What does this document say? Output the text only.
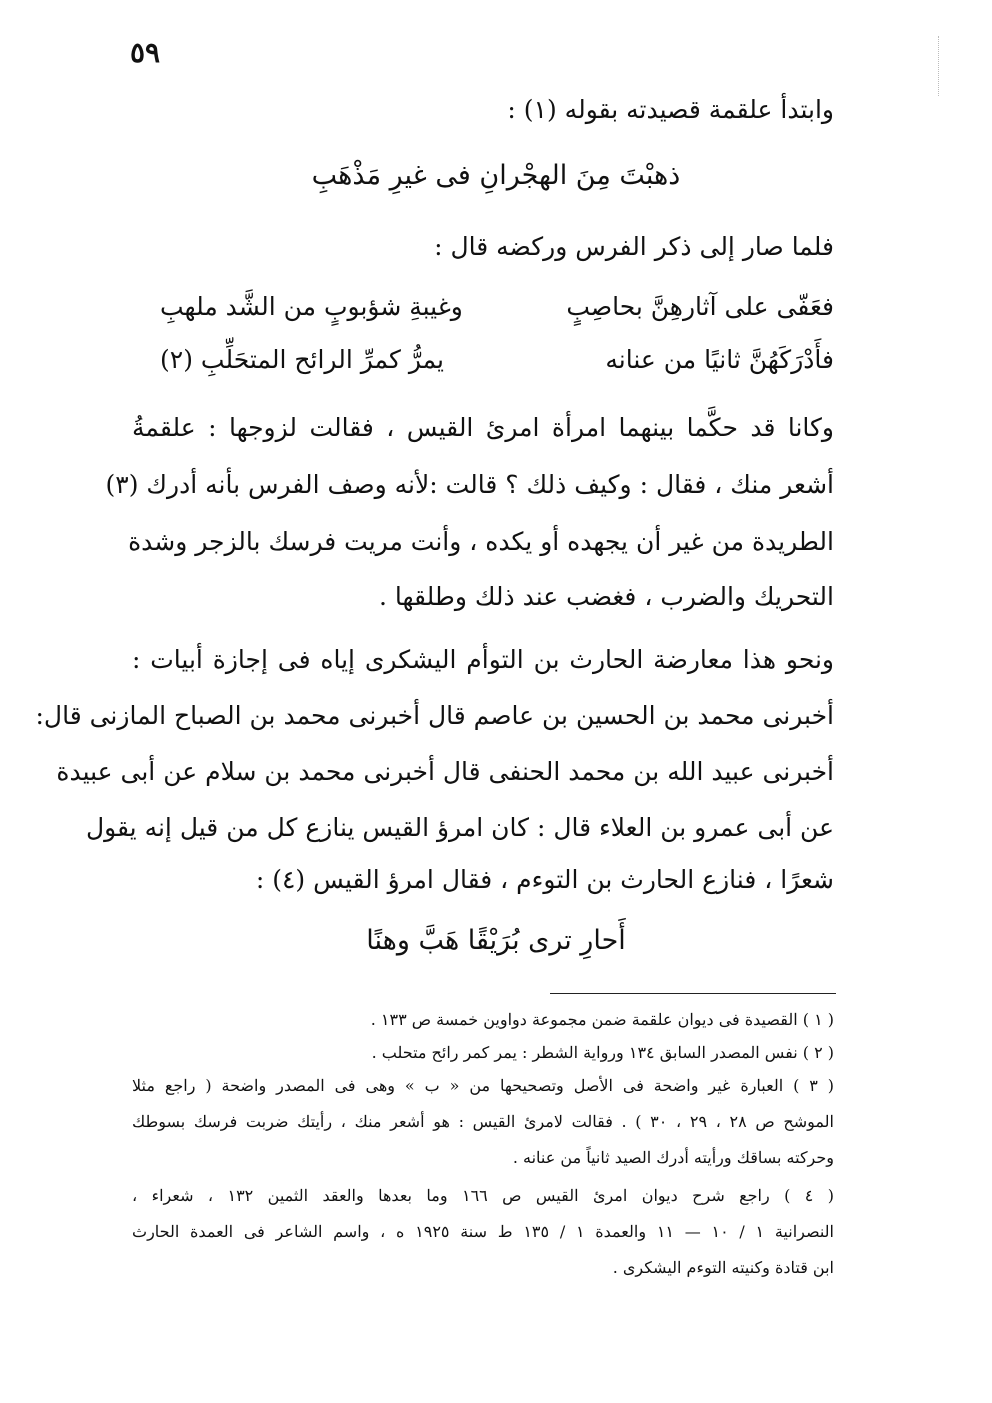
٥٩
وابتدأ علقمة قصيدته بقوله (١) :
ذهبْتَ مِنَ الهجْرانِ فى غيرِ مَذْهَبِ
فلما صار إلى ذكر الفرس وركضه قال :
فعَفّى على آثارهِنَّ بحاصِبٍ
وغيبةِ شؤبوبٍ من الشَّد ملهبِ
فأَدْرَكَهُنَّ ثانيًا من عنانه
يمرُّ كمرِّ الرائح المتحَلِّبِ (٢)
وكانا قد حكَّما بينهما امرأة امرئ القيس ، فقالت لزوجها : علقمةُ
أشعر منك ، فقال : وكيف ذلك ؟ قالت :لأنه وصف الفرس بأنه أدرك (٣)
الطريدة من غير أن يجهده أو يكده ، وأنت مريت فرسك بالزجر وشدة
التحريك والضرب ، فغضب عند ذلك وطلقها .
ونحو هذا معارضة الحارث بن التوأم اليشكرى إياه فى إجازة أبيات :
أخبرنى محمد بن الحسين بن عاصم قال أخبرنى محمد بن الصباح المازنى قال:
أخبرنى عبيد الله بن محمد الحنفى قال أخبرنى محمد بن سلام عن أبى عبيدة
عن أبى عمرو بن العلاء قال : كان امرؤ القيس ينازع كل من قيل إنه يقول
شعرًا ، فنازع الحارث بن التوءم ، فقال امرؤ القيس (٤) :
أَحارِ ترى بُرَيْقًا هَبَّ وهنًا
( ١ ) القصيدة فى ديوان علقمة ضمن مجموعة دواوين خمسة ص ١٣٣ .
( ٢ ) نفس المصدر السابق ١٣٤ ورواية الشطر : يمر كمر رائح متحلب .
( ٣ ) العبارة غير واضحة فى الأصل وتصحيحها من « ب » وهى فى المصدر واضحة ( راجع مثلا
الموشح ص ٢٨ ، ٢٩ ، ٣٠ ) . فقالت لامرئ القيس : هو أشعر منك ، رأيتك ضربت فرسك بسوطك
وحركته بساقك ورأيته أدرك الصيد ثانياً من عنانه .
( ٤ ) راجع شرح ديوان امرئ القيس ص ١٦٦ وما بعدها والعقد الثمين ١٣٢ ، شعراء ،
النصرانية ١ / ١٠ — ١١ والعمدة ١ / ١٣٥ ط سنة ١٩٢٥ ه ، واسم الشاعر فى العمدة الحارث
ابن قتادة وكنيته التوءم اليشكرى .
